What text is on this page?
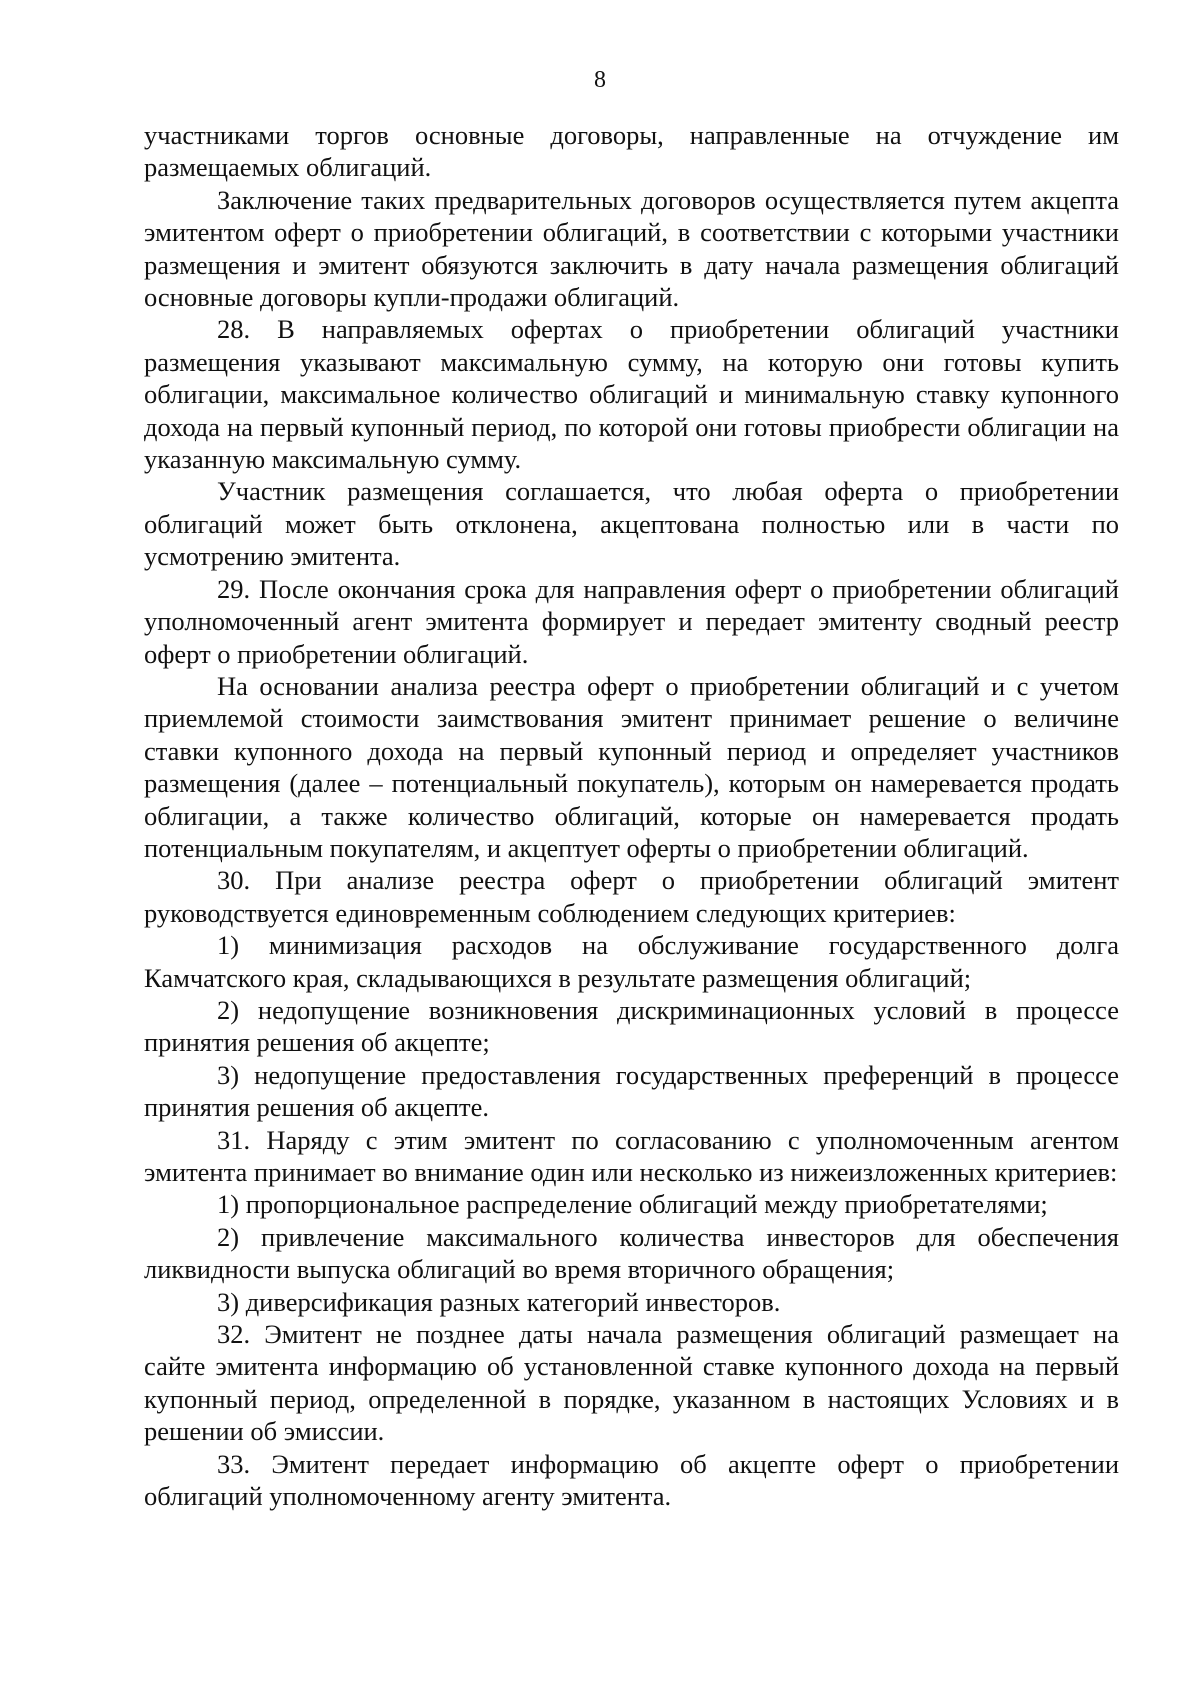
8

участниками торгов основные договоры, направленные на отчуждение им размещаемых облигаций.

Заключение таких предварительных договоров осуществляется путем акцепта эмитентом оферт о приобретении облигаций, в соответствии с которыми участники размещения и эмитент обязуются заключить в дату начала размещения облигаций основные договоры купли-продажи облигаций.

28. В направляемых офертах о приобретении облигаций участники размещения указывают максимальную сумму, на которую они готовы купить облигации, максимальное количество облигаций и минимальную ставку купонного дохода на первый купонный период, по которой они готовы приобрести облигации на указанную максимальную сумму.

Участник размещения соглашается, что любая оферта о приобретении облигаций может быть отклонена, акцептована полностью или в части по усмотрению эмитента.

29. После окончания срока для направления оферт о приобретении облигаций уполномоченный агент эмитента формирует и передает эмитенту сводный реестр оферт о приобретении облигаций.

На основании анализа реестра оферт о приобретении облигаций и с учетом приемлемой стоимости заимствования эмитент принимает решение о величине ставки купонного дохода на первый купонный период и определяет участников размещения (далее – потенциальный покупатель), которым он намеревается продать облигации, а также количество облигаций, которые он намеревается продать потенциальным покупателям, и акцептует оферты о приобретении облигаций.

30. При анализе реестра оферт о приобретении облигаций эмитент руководствуется единовременным соблюдением следующих критериев:

1) минимизация расходов на обслуживание государственного долга Камчатского края, складывающихся в результате размещения облигаций;

2) недопущение возникновения дискриминационных условий в процессе принятия решения об акцепте;

3) недопущение предоставления государственных преференций в процессе принятия решения об акцепте.

31. Наряду с этим эмитент по согласованию с уполномоченным агентом эмитента принимает во внимание один или несколько из нижеизложенных критериев:

1) пропорциональное распределение облигаций между приобретателями;

2) привлечение максимального количества инвесторов для обеспечения ликвидности выпуска облигаций во время вторичного обращения;

3) диверсификация разных категорий инвесторов.

32. Эмитент не позднее даты начала размещения облигаций размещает на сайте эмитента информацию об установленной ставке купонного дохода на первый купонный период, определенной в порядке, указанном в настоящих Условиях и в решении об эмиссии.

33. Эмитент передает информацию об акцепте оферт о приобретении облигаций уполномоченному агенту эмитента.
